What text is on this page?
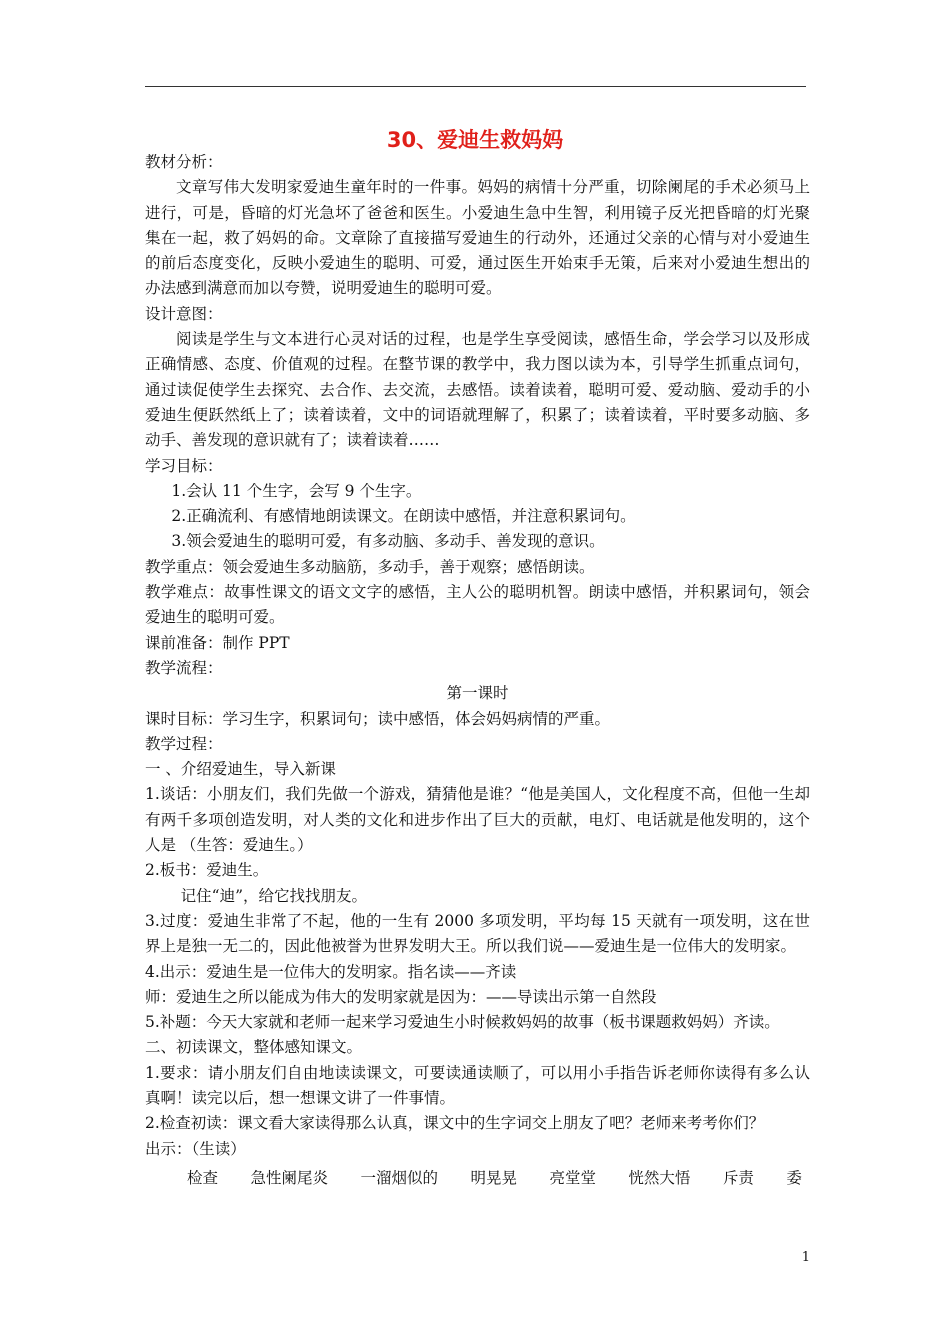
30、爱迪生救妈妈

教材分析：

文章写伟大发明家爱迪生童年时的一件事。妈妈的病情十分严重，切除阑尾的手术必须马上进行，可是，昏暗的灯光急坏了爸爸和医生。小爱迪生急中生智，利用镜子反光把昏暗的灯光聚集在一起，救了妈妈的命。文章除了直接描写爱迪生的行动外，还通过父亲的心情与对小爱迪生的前后态度变化，反映小爱迪生的聪明、可爱，通过医生开始束手无策，后来对小爱迪生想出的办法感到满意而加以夸赞，说明爱迪生的聪明可爱。

设计意图：

阅读是学生与文本进行心灵对话的过程，也是学生享受阅读，感悟生命，学会学习以及形成正确情感、态度、价值观的过程。在整节课的教学中，我力图以读为本，引导学生抓重点词句，通过读促使学生去探究、去合作、去交流，去感悟。读着读着，聪明可爱、爱动脑、爱动手的小爱迪生便跃然纸上了；读着读着，文中的词语就理解了，积累了；读着读着，平时要多动脑、多动手、善发现的意识就有了；读着读着……

学习目标：

1.会认 11 个生字，会写 9 个生字。

2.正确流利、有感情地朗读课文。在朗读中感悟，并注意积累词句。

3.领会爱迪生的聪明可爱，有多动脑、多动手、善发现的意识。

教学重点：领会爱迪生多动脑筋，多动手，善于观察；感悟朗读。

教学难点：故事性课文的语文文字的感悟，主人公的聪明机智。朗读中感悟，并积累词句，领会爱迪生的聪明可爱。

课前准备：制作 PPT

教学流程：

第一课时

课时目标：学习生字，积累词句；读中感悟，体会妈妈病情的严重。

教学过程：

一 、介绍爱迪生，导入新课

1.谈话：小朋友们，我们先做一个游戏，猜猜他是谁？“他是美国人，文化程度不高，但他一生却有两千多项创造发明，对人类的文化和进步作出了巨大的贡献，电灯、电话就是他发明的，这个人是 （生答：爱迪生。）

2.板书：爱迪生。

记住“迪”，给它找找朋友。

3.过度：爱迪生非常了不起，他的一生有 2000 多项发明，平均每 15 天就有一项发明，这在世界上是独一无二的，因此他被誉为世界发明大王。所以我们说——爱迪生是一位伟大的发明家。

4.出示：爱迪生是一位伟大的发明家。指名读——齐读

师：爱迪生之所以能成为伟大的发明家就是因为：——导读出示第一自然段

5.补题：今天大家就和老师一起来学习爱迪生小时候救妈妈的故事（板书课题救妈妈）齐读。

二、初读课文，整体感知课文。

1.要求：请小朋友们自由地读读课文，可要读通读顺了，可以用小手指告诉老师你读得有多么认真啊！读完以后，想一想课文讲了一件事情。

2.检查初读：课文看大家读得那么认真，课文中的生字词交上朋友了吧？老师来考考你们？

出示：（生读）

检查 急性阑尾炎 一溜烟似的 明晃晃 亮堂堂 恍然大悟 斥责 委

1
